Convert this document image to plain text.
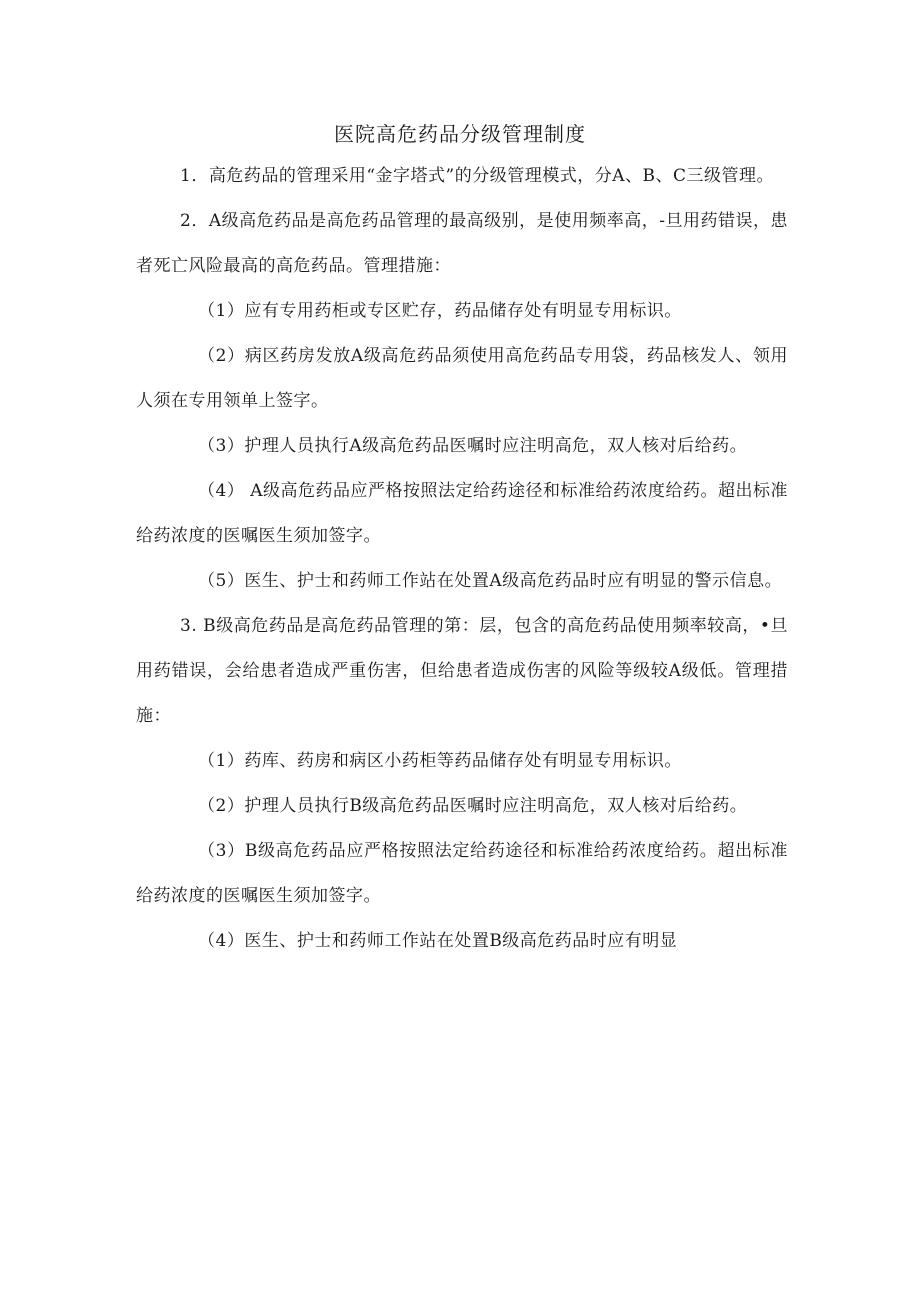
医院高危药品分级管理制度

1．高危药品的管理采用“金字塔式”的分级管理模式，分A、B、C三级管理。

2．A级高危药品是高危药品管理的最高级别，是使用频率高，-旦用药错误，患者死亡风险最高的高危药品。管理措施：

（1）应有专用药柜或专区贮存，药品储存处有明显专用标识。

（2）病区药房发放A级高危药品须使用高危药品专用袋，药品核发人、领用人须在专用领单上签字。

（3）护理人员执行A级高危药品医嘱时应注明高危，双人核对后给药。

（4） A级高危药品应严格按照法定给药途径和标准给药浓度给药。超出标准给药浓度的医嘱医生须加签字。

（5）医生、护士和药师工作站在处置A级高危药品时应有明显的警示信息。

3. B级高危药品是高危药品管理的第：层，包含的高危药品使用频率较高，•旦用药错误，会给患者造成严重伤害，但给患者造成伤害的风险等级较A级低。管理措施：

（1）药库、药房和病区小药柜等药品储存处有明显专用标识。

（2）护理人员执行B级高危药品医嘱时应注明高危，双人核对后给药。

（3）B级高危药品应严格按照法定给药途径和标准给药浓度给药。超出标准给药浓度的医嘱医生须加签字。

（4）医生、护士和药师工作站在处置B级高危药品时应有明显
